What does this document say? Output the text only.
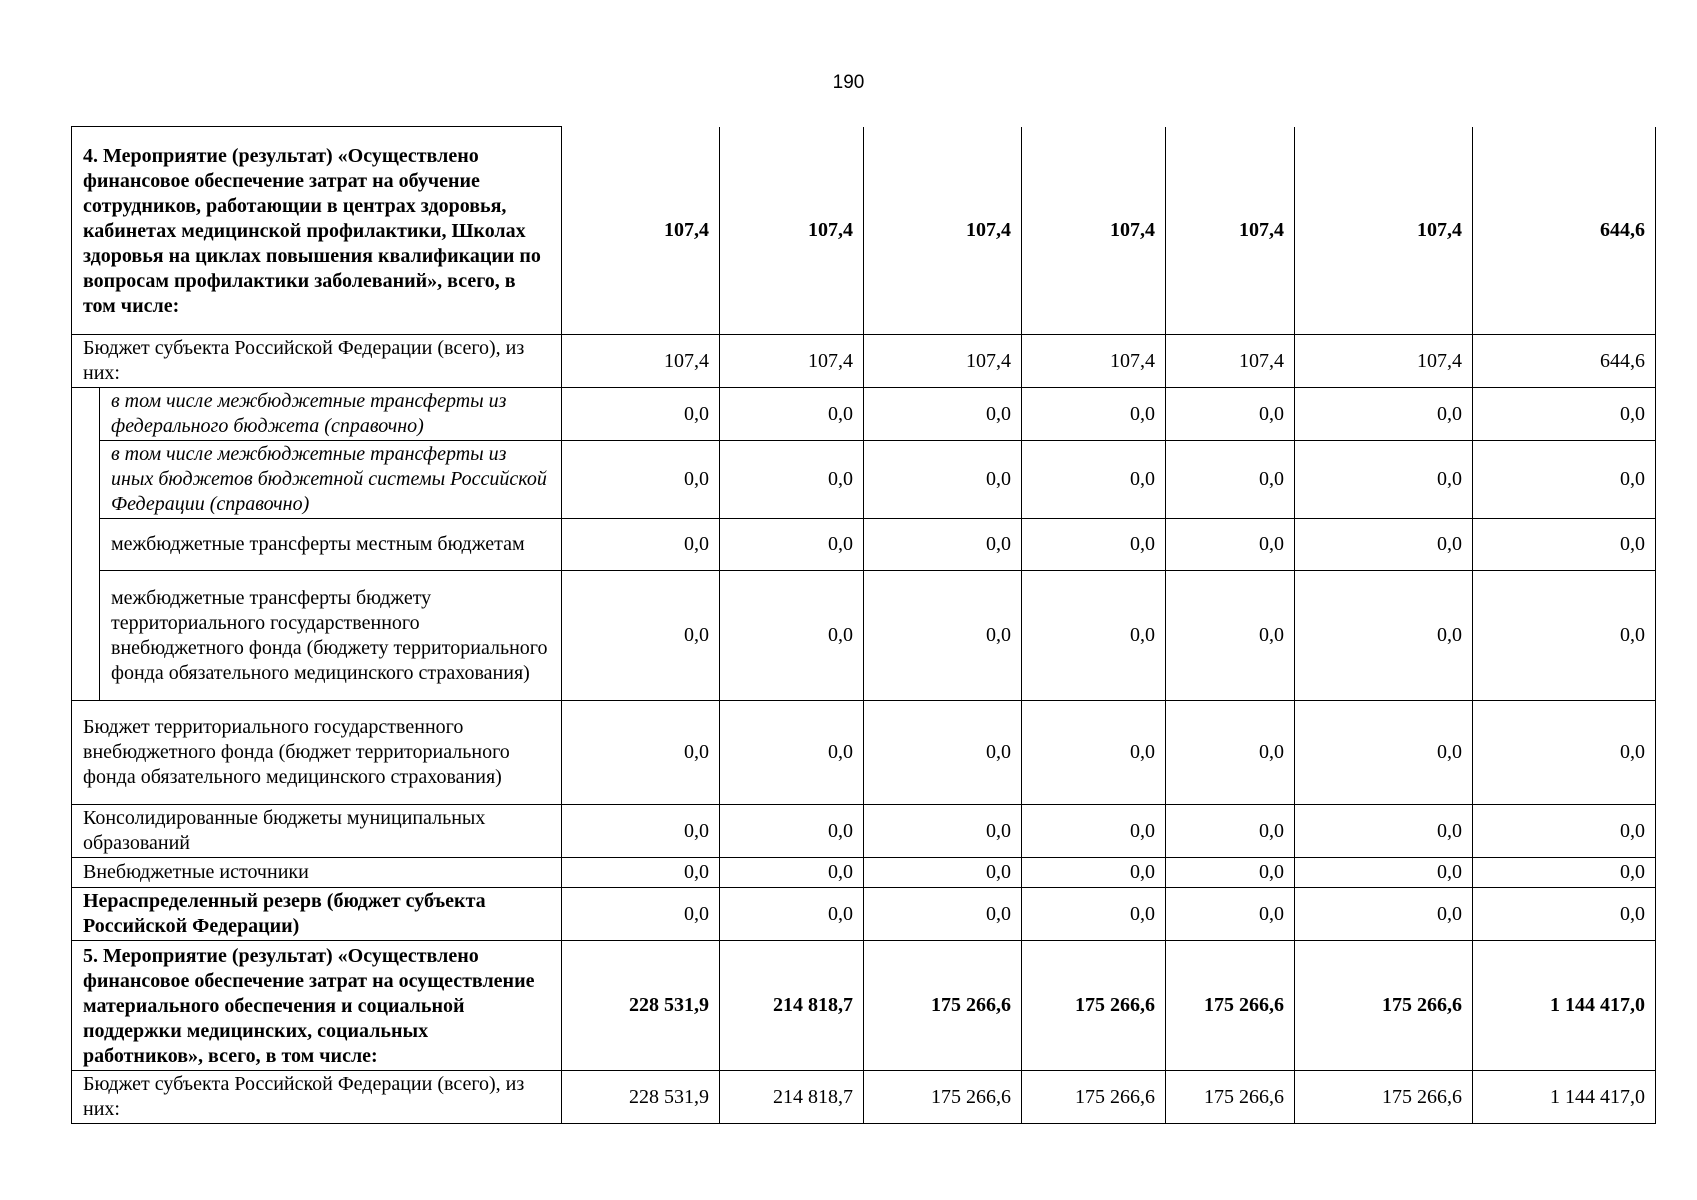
190
4. Мероприятие (результат) «Осуществлено финансовое обеспечение затрат на обучение сотрудников, работающии в центрах здоровья, кабинетах медицинской профилактики, Школах здоровья на циклах повышения квалификации по вопросам профилактики заболеваний», всего, в том числе:		107,4	107,4	107,4	107,4	107,4	107,4	644,6
Бюджет субъекта Российской Федерации (всего), из них:		107,4	107,4	107,4	107,4	107,4	107,4	644,6
	в том числе межбюджетные трансферты из федерального бюджета (справочно)	0,0	0,0	0,0	0,0	0,0	0,0	0,0
	в том числе межбюджетные трансферты из иных бюджетов бюджетной системы Российской Федерации (справочно)	0,0	0,0	0,0	0,0	0,0	0,0	0,0
	межбюджетные трансферты местным бюджетам	0,0	0,0	0,0	0,0	0,0	0,0	0,0
	межбюджетные трансферты бюджету территориального государственного внебюджетного фонда (бюджету территориального фонда обязательного медицинского страхования)	0,0	0,0	0,0	0,0	0,0	0,0	0,0
Бюджет территориального государственного внебюджетного фонда (бюджет территориального фонда обязательного медицинского страхования)		0,0	0,0	0,0	0,0	0,0	0,0	0,0
Консолидированные бюджеты муниципальных образований		0,0	0,0	0,0	0,0	0,0	0,0	0,0
Внебюджетные источники		0,0	0,0	0,0	0,0	0,0	0,0	0,0
Нераспределенный резерв (бюджет субъекта Российской Федерации)		0,0	0,0	0,0	0,0	0,0	0,0	0,0
5. Мероприятие (результат) «Осуществлено финансовое обеспечение затрат на осуществление материального обеспечения и социальной поддержки медицинских, социальных работников», всего, в том числе:		228 531,9	214 818,7	175 266,6	175 266,6	175 266,6	175 266,6	1 144 417,0
Бюджет субъекта Российской Федерации (всего), из них:		228 531,9	214 818,7	175 266,6	175 266,6	175 266,6	175 266,6	1 144 417,0
